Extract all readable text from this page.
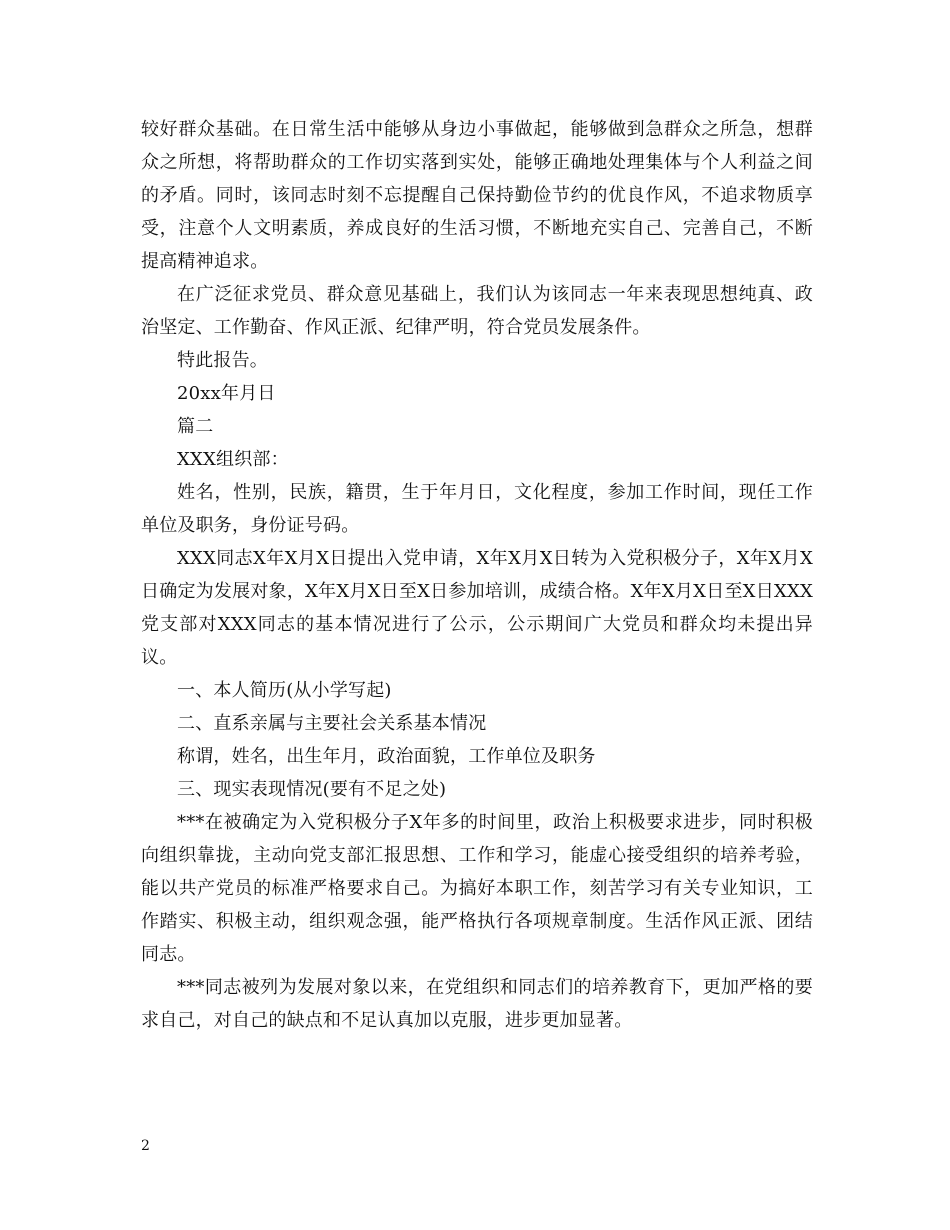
较好群众基础。在日常生活中能够从身边小事做起，能够做到急群众之所急，想群众之所想，将帮助群众的工作切实落到实处，能够正确地处理集体与个人利益之间的矛盾。同时，该同志时刻不忘提醒自己保持勤俭节约的优良作风，不追求物质享受，注意个人文明素质，养成良好的生活习惯，不断地充实自己、完善自己，不断提高精神追求。

在广泛征求党员、群众意见基础上，我们认为该同志一年来表现思想纯真、政治坚定、工作勤奋、作风正派、纪律严明，符合党员发展条件。

特此报告。

20xx年月日

篇二

XXX组织部：

姓名，性别，民族，籍贯，生于年月日，文化程度，参加工作时间，现任工作单位及职务，身份证号码。

XXX同志X年X月X日提出入党申请，X年X月X日转为入党积极分子，X年X月X日确定为发展对象，X年X月X日至X日参加培训，成绩合格。X年X月X日至X日XXX党支部对XXX同志的基本情况进行了公示，公示期间广大党员和群众均未提出异议。

一、本人简历(从小学写起)

二、直系亲属与主要社会关系基本情况

称谓，姓名，出生年月，政治面貌，工作单位及职务

三、现实表现情况(要有不足之处)

***在被确定为入党积极分子X年多的时间里，政治上积极要求进步，同时积极向组织靠拢，主动向党支部汇报思想、工作和学习，能虚心接受组织的培养考验，能以共产党员的标准严格要求自己。为搞好本职工作，刻苦学习有关专业知识，工作踏实、积极主动，组织观念强，能严格执行各项规章制度。生活作风正派、团结同志。

***同志被列为发展对象以来，在党组织和同志们的培养教育下，更加严格的要求自己，对自己的缺点和不足认真加以克服，进步更加显著。

2
